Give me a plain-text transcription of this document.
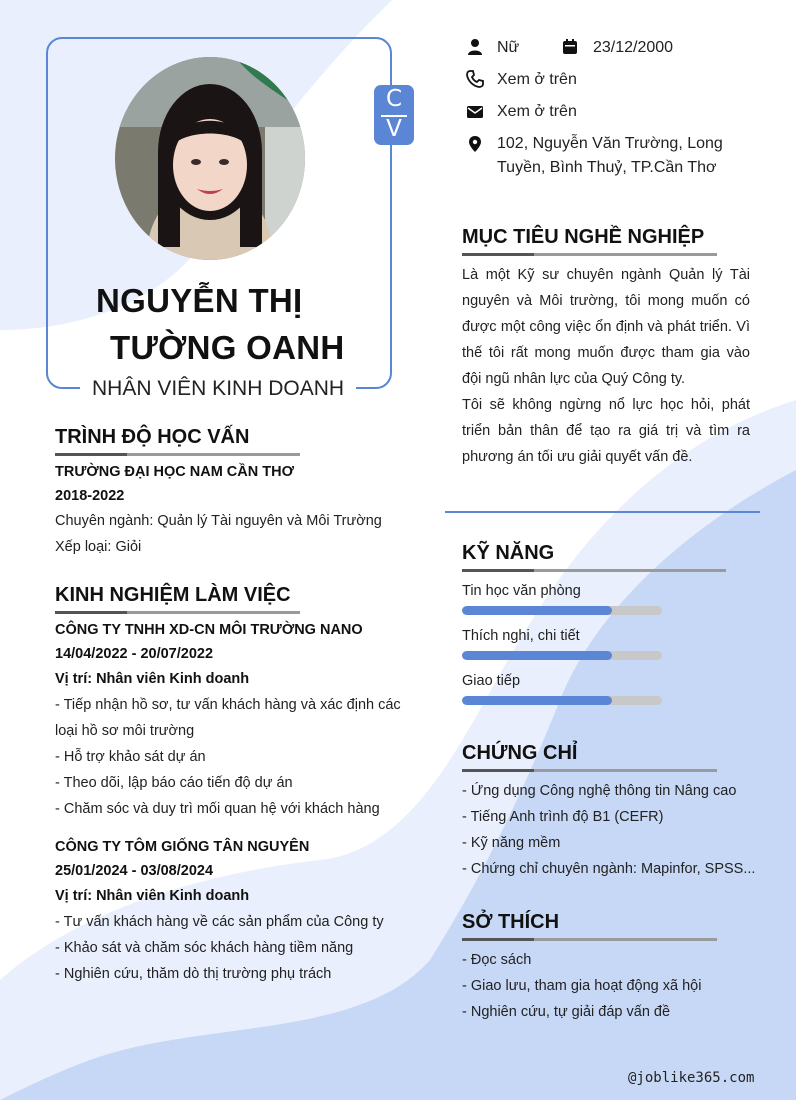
C
V
NGUYỄN THỊ
TƯỜNG OANH
NHÂN VIÊN KINH DOANH
Nữ	23/12/2000
Xem ở trên
Xem ở trên
102, Nguyễn Văn Trường, Long
Tuyền, Bình Thuỷ, TP.Cần Thơ
TRÌNH ĐỘ HỌC VẤN
TRƯỜNG ĐẠI HỌC NAM CẦN THƠ
2018-2022
Chuyên ngành: Quản lý Tài nguyên và Môi Trường
Xếp loại: Giỏi
KINH NGHIỆM LÀM VIỆC
CÔNG TY TNHH XD-CN MÔI TRƯỜNG NANO
14/04/2022 - 20/07/2022
Vị trí: Nhân viên Kinh doanh
- Tiếp nhận hồ sơ, tư vấn khách hàng và xác định các
loại hồ sơ môi trường
- Hỗ trợ khảo sát dự án
- Theo dõi, lập báo cáo tiến độ dự án
- Chăm sóc và duy trì mối quan hệ với khách hàng
CÔNG TY TÔM GIỐNG TÂN NGUYÊN
25/01/2024 - 03/08/2024
Vị trí: Nhân viên Kinh doanh
- Tư vấn khách hàng về các sản phẩm của Công ty
- Khảo sát và chăm sóc khách hàng tiềm năng
- Nghiên cứu, thăm dò thị trường phụ trách
MỤC TIÊU NGHỀ NGHIỆP

Là một Kỹ sư chuyên ngành Quản lý Tài nguyên và Môi trường, tôi mong muốn có được một công việc ổn định và phát triển. Vì thế tôi rất mong muốn được tham gia vào đội ngũ nhân lực của Quý Công ty.

Tôi sẽ không ngừng nổ lực học hỏi, phát triển bản thân để tạo ra giá trị và tìm ra phương án tối ưu giải quyết vấn đề.

KỸ NĂNG
Tin học văn phòng
Thích nghi, chi tiết
Giao tiếp
CHỨNG CHỈ
- Ứng dụng Công nghệ thông tin Nâng cao
- Tiếng Anh trình độ B1 (CEFR)
- Kỹ năng mềm
- Chứng chỉ chuyên ngành: Mapinfor, SPSS...
SỞ THÍCH
- Đọc sách
- Giao lưu, tham gia hoạt động xã hội
- Nghiên cứu, tự giải đáp vấn đề
@joblike365.com
